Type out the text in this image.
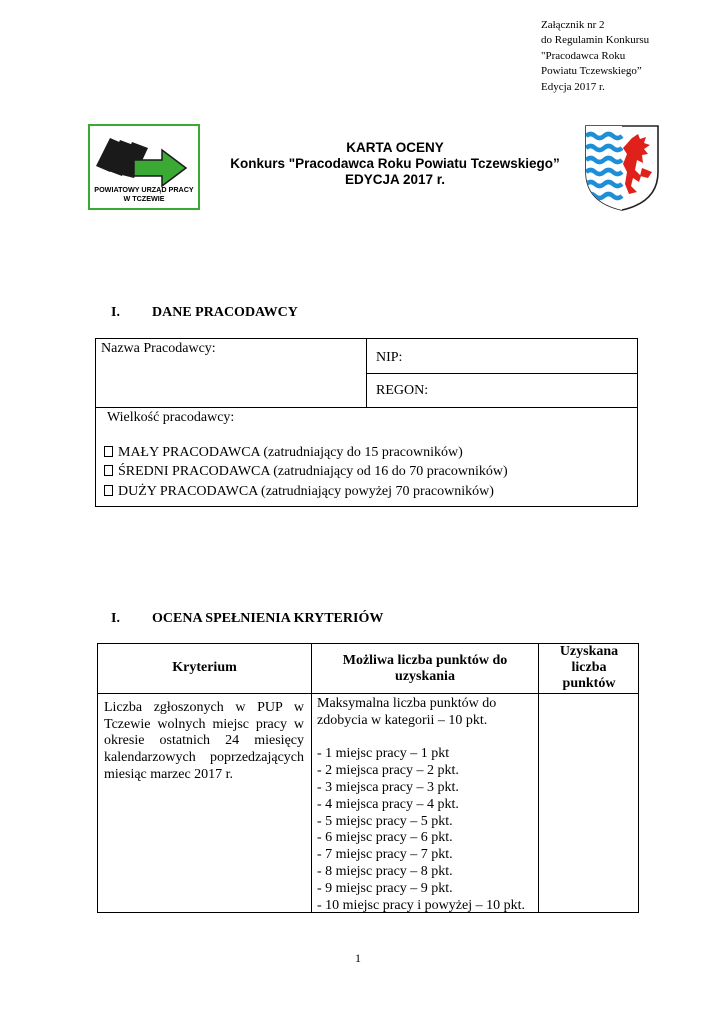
Załącznik nr 2
do Regulamin Konkursu
"Pracodawca Roku
Powiatu Tczewskiego”
Edycja 2017 r.
POWIATOWY URZĄD PRACY
W TCZEWIE
KARTA OCENY
Konkurs "Pracodawca Roku Powiatu Tczewskiego”
EDYCJA 2017 r.
I. DANE PRACODAWCY
Nazwa Pracodawcy:
NIP:
REGON:
Wielkość pracodawcy:
MAŁY PRACODAWCA (zatrudniający do 15 pracowników)
ŚREDNI PRACODAWCA (zatrudniający od 16 do 70 pracowników)
DUŻY PRACODAWCA (zatrudniający powyżej 70 pracowników)
I. OCENA SPEŁNIENIA KRYTERIÓW
Kryterium	Możliwa liczba punktów do
uzyskania
Uzyskana
liczba
punktów
Liczba zgłoszonych w PUP w Tczewie wolnych miejsc pracy w okresie ostatnich 24 miesięcy kalendarzowych poprzedzających miesiąc marzec 2017 r.
Maksymalna liczba punktów do
zdobycia w kategorii – 10 pkt.
- 1 miejsc pracy – 1 pkt
- 2 miejsca pracy – 2 pkt.
- 3 miejsca pracy – 3 pkt.
- 4 miejsca pracy – 4 pkt.
- 5 miejsc pracy – 5 pkt.
- 6 miejsc pracy – 6 pkt.
- 7 miejsc pracy – 7 pkt.
- 8 miejsc pracy – 8 pkt.
- 9 miejsc pracy – 9 pkt.
- 10 miejsc pracy i powyżej – 10 pkt.
1
